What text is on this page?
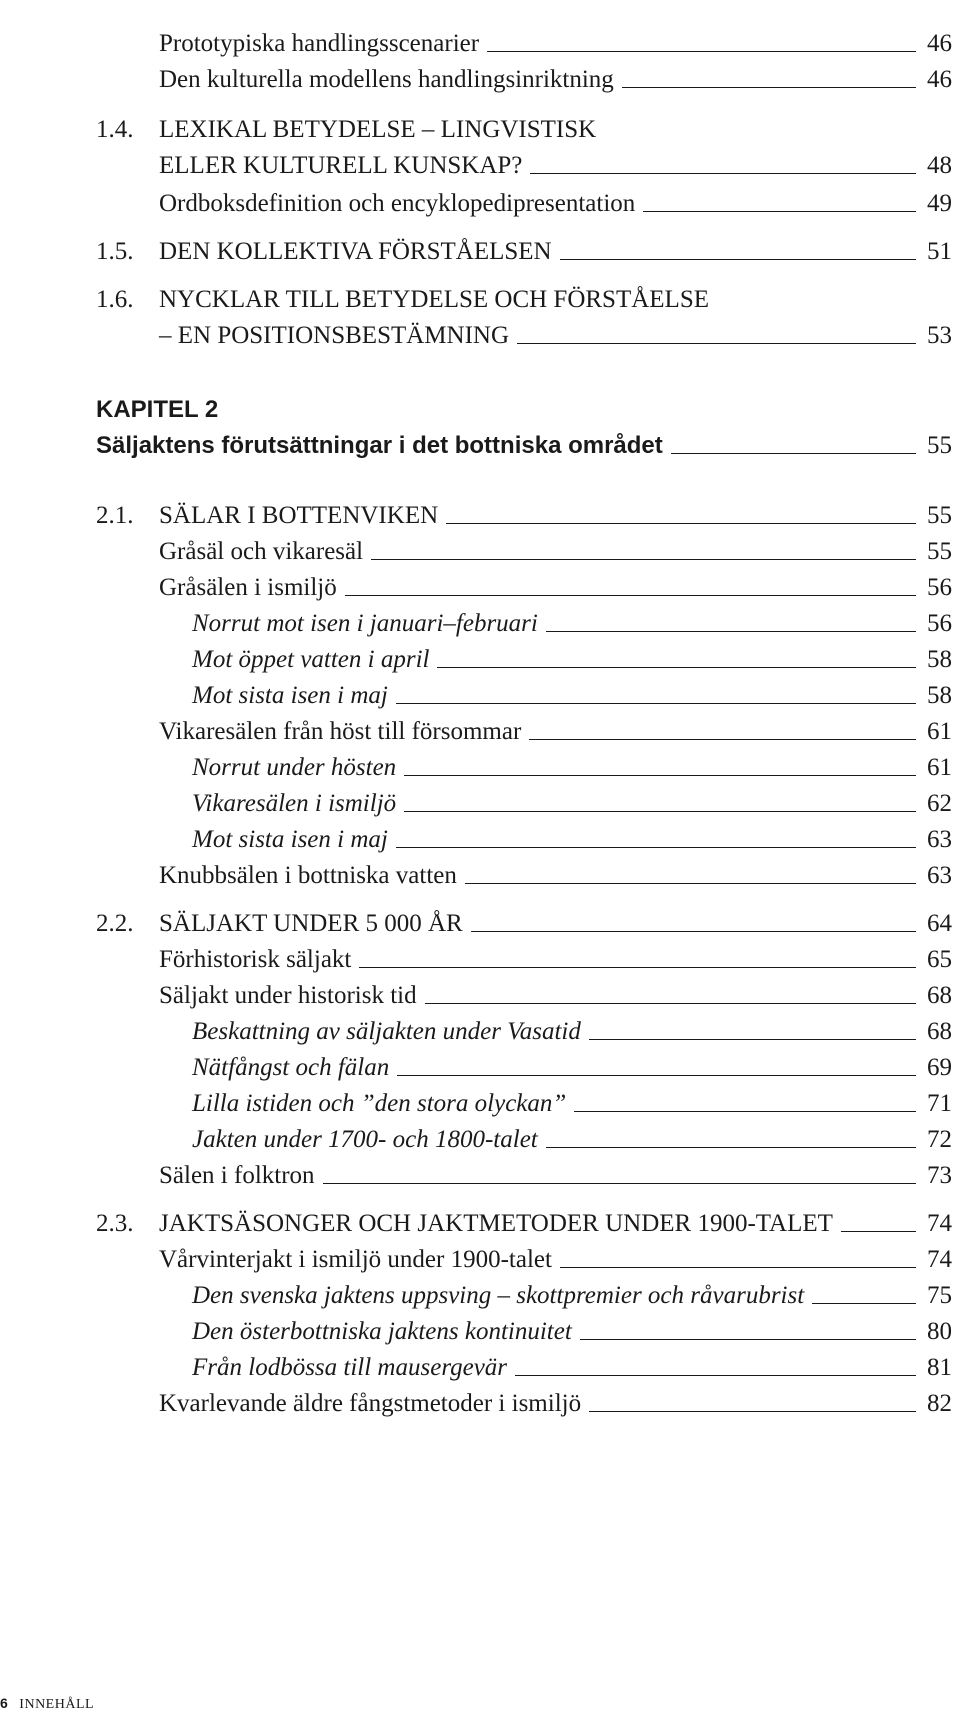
Prototypiska handlingsscenarier	46
Den kulturella modellens handlingsinriktning	46
1.4. LEXIKAL BETYDELSE – LINGVISTISK
ELLER KULTURELL KUNSKAP?	48
Ordboksdefinition och encyklopedipresentation	49
1.5. DEN KOLLEKTIVA FÖRSTÅELSEN	51
1.6. NYCKLAR TILL BETYDELSE OCH FÖRSTÅELSE
– EN POSITIONSBESTÄMNING	53
KAPITEL 2
Säljaktens förutsättningar i det bottniska området	55
2.1. SÄLAR I BOTTENVIKEN	55
Gråsäl och vikaresäl	55
Gråsälen i ismiljö	56
Norrut mot isen i januari–februari	56
Mot öppet vatten i april	58
Mot sista isen i maj	58
Vikaresälen från höst till försommar	61
Norrut under hösten	61
Vikaresälen i ismiljö	62
Mot sista isen i maj	63
Knubbsälen i bottniska vatten	63
2.2. SÄLJAKT UNDER 5 000 ÅR	64
Förhistorisk säljakt	65
Säljakt under historisk tid	68
Beskattning av säljakten under Vasatid	68
Nätfångst och fälan	69
Lilla istiden och ”den stora olyckan”	71
Jakten under 1700- och 1800-talet	72
Sälen i folktron	73
2.3. JAKTSÄSONGER OCH JAKTMETODER UNDER 1900-TALET	74
Vårvinterjakt i ismiljö under 1900-talet	74
Den svenska jaktens uppsving – skottpremier och råvarubrist	75
Den österbottniska jaktens kontinuitet	80
Från lodbössa till mausergevär	81
Kvarlevande äldre fångstmetoder i ismiljö	82
6 INNEHÅLL
